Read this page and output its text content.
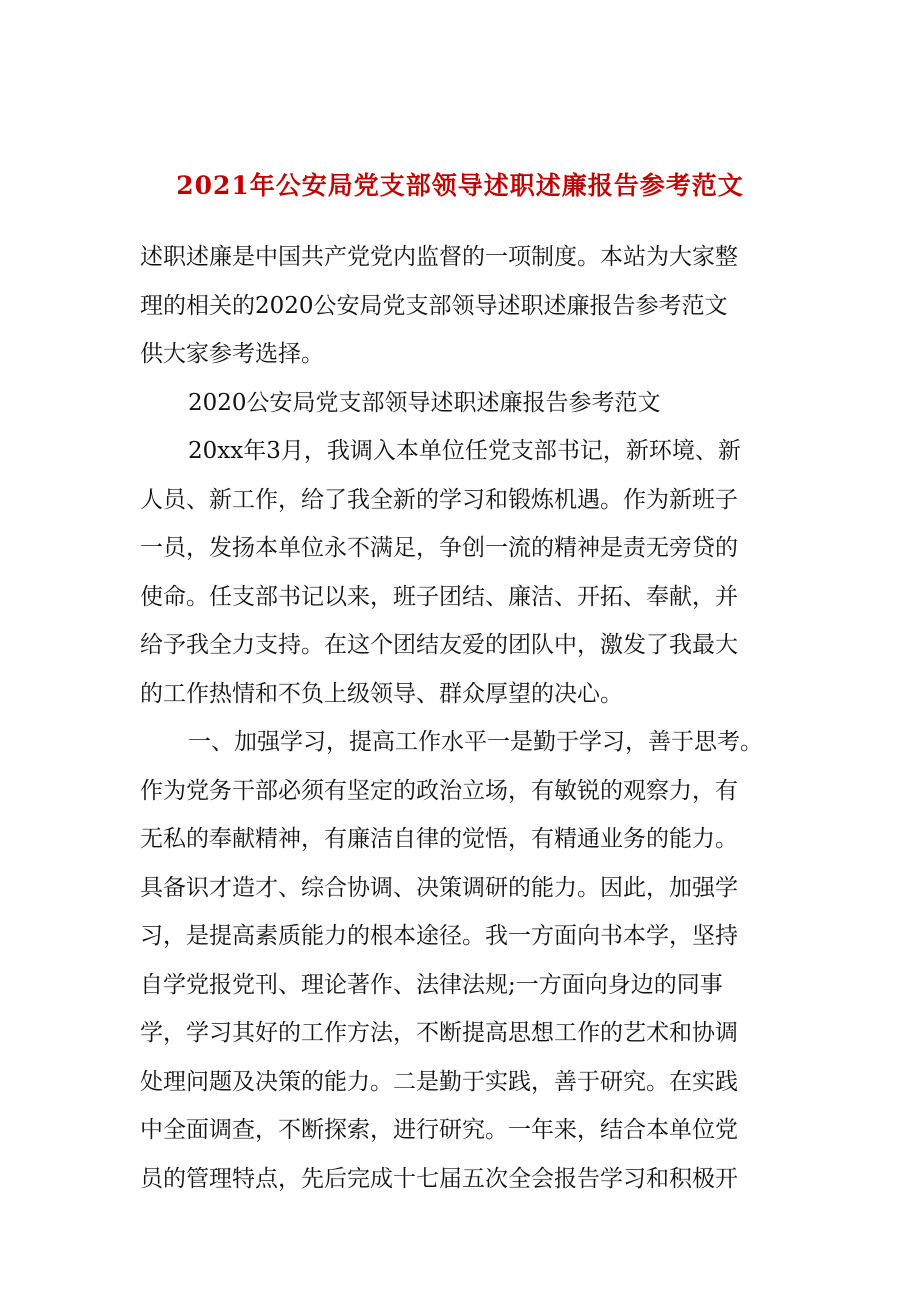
2021年公安局党支部领导述职述廉报告参考范文
述职述廉是中国共产党党内监督的一项制度。本站为大家整
理的相关的2020公安局党支部领导述职述廉报告参考范文
供大家参考选择。
2020公安局党支部领导述职述廉报告参考范文
20xx年3月，我调入本单位任党支部书记，新环境、新
人员、新工作，给了我全新的学习和锻炼机遇。作为新班子
一员，发扬本单位永不满足，争创一流的精神是责无旁贷的
使命。任支部书记以来，班子团结、廉洁、开拓、奉献，并
给予我全力支持。在这个团结友爱的团队中，激发了我最大
的工作热情和不负上级领导、群众厚望的决心。
一、加强学习，提高工作水平一是勤于学习，善于思考。
作为党务干部必须有坚定的政治立场，有敏锐的观察力，有
无私的奉献精神，有廉洁自律的觉悟，有精通业务的能力。
具备识才造才、综合协调、决策调研的能力。因此，加强学
习，是提高素质能力的根本途径。我一方面向书本学，坚持
自学党报党刊、理论著作、法律法规;一方面向身边的同事
学，学习其好的工作方法，不断提高思想工作的艺术和协调
处理问题及决策的能力。二是勤于实践，善于研究。在实践
中全面调查，不断探索，进行研究。一年来，结合本单位党
员的管理特点，先后完成十七届五次全会报告学习和积极开
